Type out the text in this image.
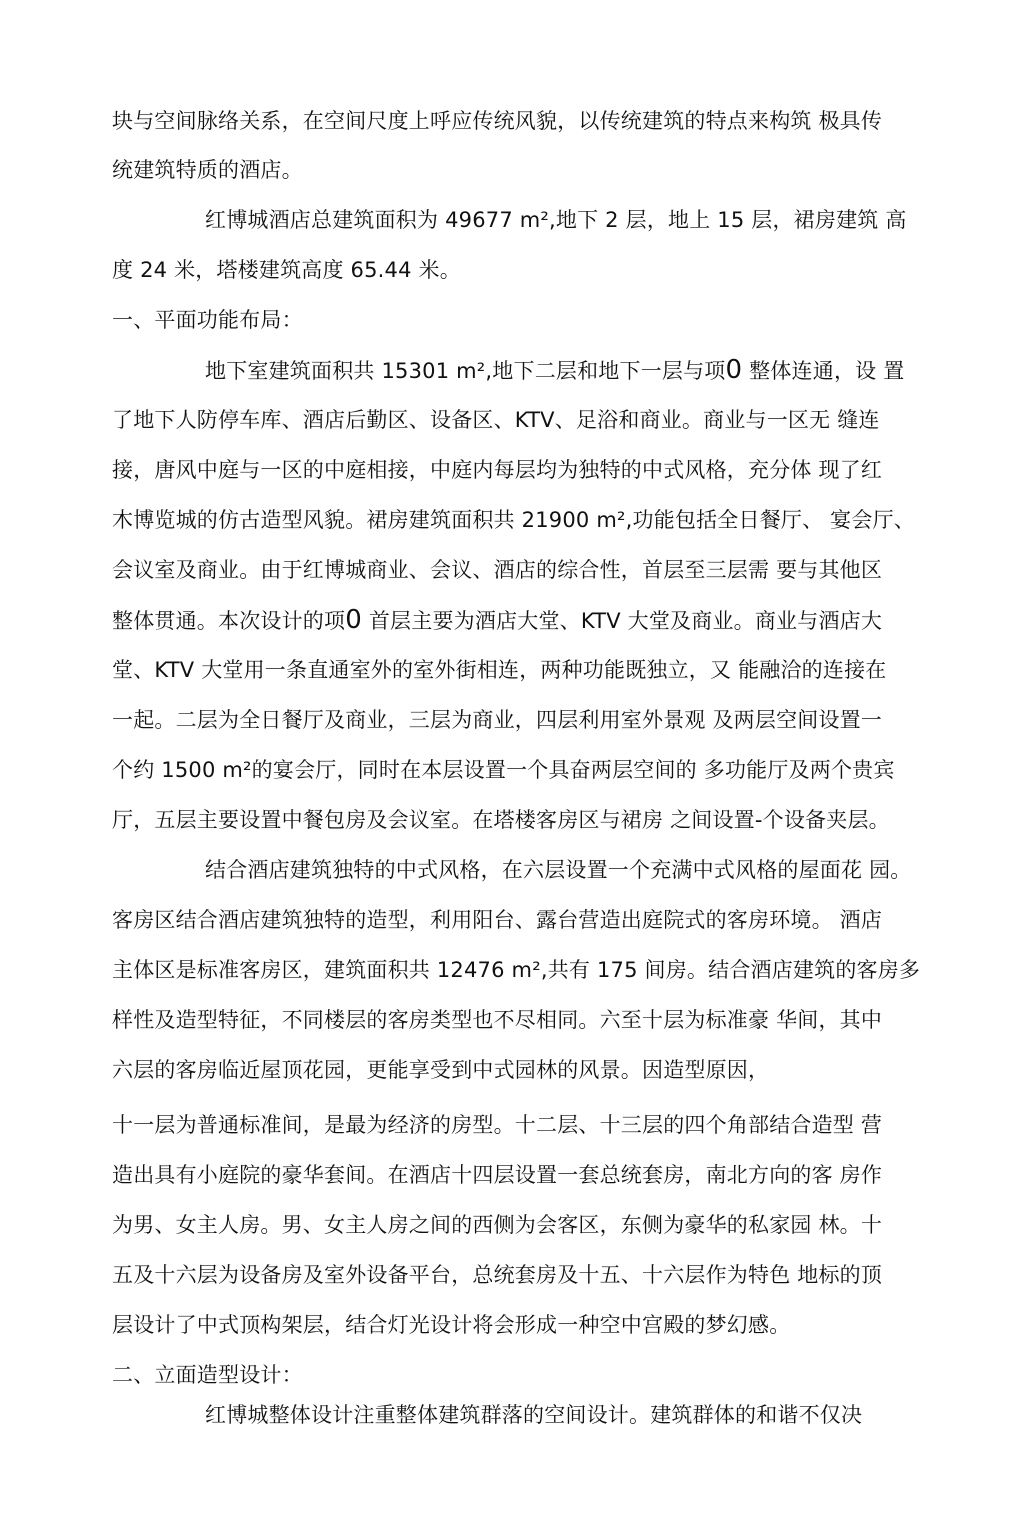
块与空间脉络关系，在空间尺度上呼应传统风貌，以传统建筑的特点来构筑 极具传
统建筑特质的酒店。
红博城酒店总建筑面积为 49677 m²,地下 2 层，地上 15 层，裙房建筑 高
度 24 米，塔楼建筑高度 65.44 米。
一、平面功能布局：
地下室建筑面积共 15301 m²,地下二层和地下一层与项0 整体连通，设 置
了地下人防停车库、酒店后勤区、设备区、KTV、足浴和商业。商业与一区无 缝连
接，唐风中庭与一区的中庭相接，中庭内每层均为独特的中式风格，充分体 现了红
木博览城的仿古造型风貌。裙房建筑面积共 21900 m²,功能包括全日餐厅、 宴会厅、
会议室及商业。由于红博城商业、会议、酒店的综合性，首层至三层需 要与其他区
整体贯通。本次设计的项0 首层主要为酒店大堂、KTV 大堂及商业。商业与酒店大
堂、KTV 大堂用一条直通室外的室外街相连，两种功能既独立，又 能融洽的连接在
一起。二层为全日餐厅及商业，三层为商业，四层利用室外景观 及两层空间设置一
个约 1500 m²的宴会厅，同时在本层设置一个具奋两层空间的 多功能厅及两个贵宾
厅，五层主要设置中餐包房及会议室。在塔楼客房区与裙房 之间设置-个设备夹层。
结合酒店建筑独特的中式风格，在六层设置一个充满中式风格的屋面花 园。
客房区结合酒店建筑独特的造型，利用阳台、露台营造出庭院式的客房环境。 酒店
主体区是标准客房区，建筑面积共 12476 m²,共有 175 间房。结合酒店建筑的客房多
样性及造型特征，不同楼层的客房类型也不尽相同。六至十层为标准豪 华间，其中
六层的客房临近屋顶花园，更能享受到中式园林的风景。因造型原因，
十一层为普通标准间，是最为经济的房型。十二层、十三层的四个角部结合造型 营
造出具有小庭院的豪华套间。在酒店十四层设置一套总统套房，南北方向的客 房作
为男、女主人房。男、女主人房之间的西侧为会客区，东侧为豪华的私家园 林。十
五及十六层为设备房及室外设备平台，总统套房及十五、十六层作为特色 地标的顶
层设计了中式顶构架层，结合灯光设计将会形成一种空中宫殿的梦幻感。
二、立面造型设计：
红博城整体设计注重整体建筑群落的空间设计。建筑群体的和谐不仅决
